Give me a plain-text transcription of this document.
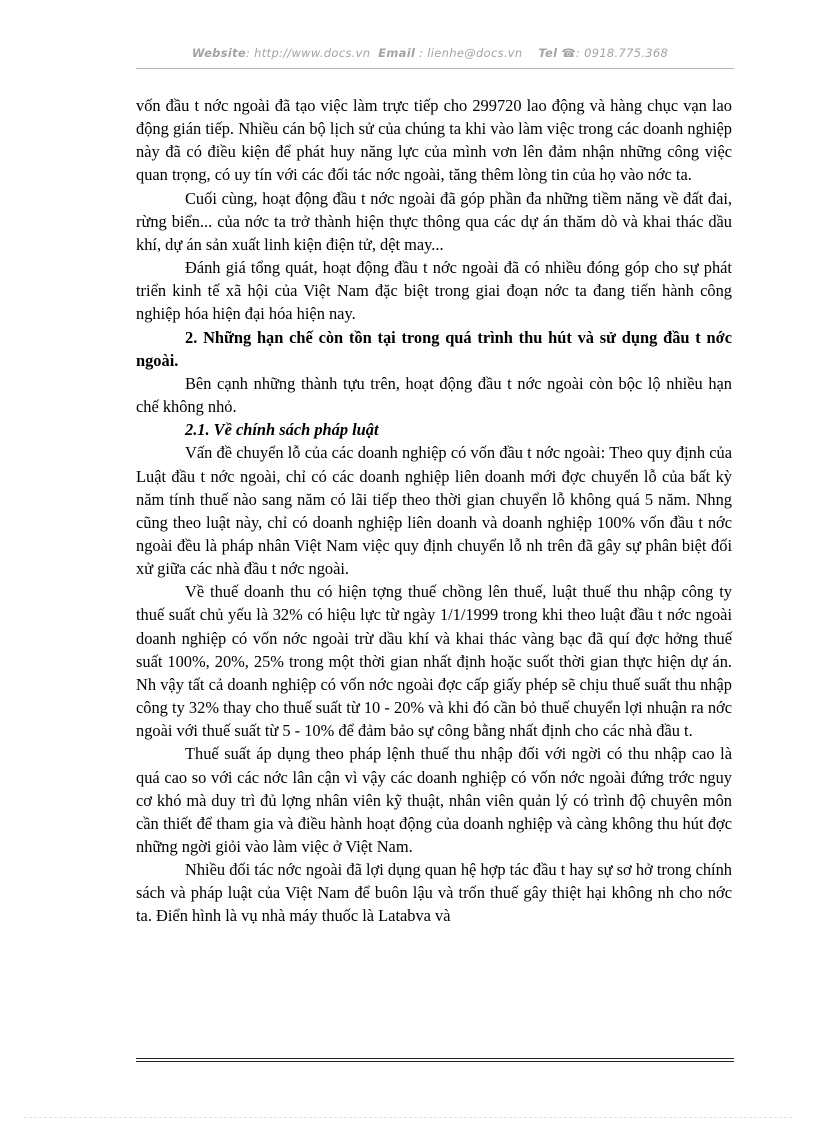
Website: http://www.docs.vn Email : lienhe@docs.vn Tel ☎: 0918.775.368

vốn đầu t nớc ngoài đã tạo việc làm trực tiếp cho 299720 lao động và hàng chục vạn lao động gián tiếp. Nhiều cán bộ lịch sử của chúng ta khi vào làm việc trong các doanh nghiệp này đã có điều kiện để phát huy năng lực của mình vơn lên đảm nhận những công việc quan trọng, có uy tín với các đối tác nớc ngoài, tăng thêm lòng tin của họ vào nớc ta.

Cuối cùng, hoạt động đầu t nớc ngoài đã góp phần đa những tiềm năng về đất đai, rừng biển... của nớc ta trở thành hiện thực thông qua các dự án thăm dò và khai thác dầu khí, dự án sản xuất linh kiện điện tử, dệt may...

Đánh giá tổng quát, hoạt động đầu t nớc ngoài đã có nhiều đóng góp cho sự phát triển kinh tế xã hội của Việt Nam đặc biệt trong giai đoạn nớc ta đang tiến hành công nghiệp hóa hiện đại hóa hiện nay.

2. Những hạn chế còn tồn tại trong quá trình thu hút và sử dụng đầu t nớc ngoài.

Bên cạnh những thành tựu trên, hoạt động đầu t nớc ngoài còn bộc lộ nhiều hạn chế không nhỏ.

2.1. Về chính sách pháp luật

Vấn đề chuyển lỗ của các doanh nghiệp có vốn đầu t nớc ngoài: Theo quy định của Luật đầu t nớc ngoài, chỉ có các doanh nghiệp liên doanh mới đợc chuyển lỗ của bất kỳ năm tính thuế nào sang năm có lãi tiếp theo thời gian chuyển lỗ không quá 5 năm. Nhng cũng theo luật này, chỉ có doanh nghiệp liên doanh và doanh nghiệp 100% vốn đầu t nớc ngoài đều là pháp nhân Việt Nam việc quy định chuyển lỗ nh trên đã gây sự phân biệt đối xử giữa các nhà đầu t nớc ngoài.

Về thuế doanh thu có hiện tợng thuế chồng lên thuế, luật thuế thu nhập công ty thuế suất chủ yếu là 32% có hiệu lực từ ngày 1/1/1999 trong khi theo luật đầu t nớc ngoài doanh nghiệp có vốn nớc ngoài trừ dầu khí và khai thác vàng bạc đã quí đợc hởng thuế suất 100%, 20%, 25% trong một thời gian nhất định hoặc suốt thời gian thực hiện dự án. Nh vậy tất cả doanh nghiệp có vốn nớc ngoài đợc cấp giấy phép sẽ chịu thuế suất thu nhập công ty 32% thay cho thuế suất từ 10 - 20% và khi đó cần bỏ thuế chuyển lợi nhuận ra nớc ngoài với thuế suất từ 5 - 10% để đảm bảo sự công bằng nhất định cho các nhà đầu t.

Thuế suất áp dụng theo pháp lệnh thuế thu nhập đối với ngời có thu nhập cao là quá cao so với các nớc lân cận vì vậy các doanh nghiệp có vốn nớc ngoài đứng trớc nguy cơ khó mà duy trì đủ lợng nhân viên kỹ thuật, nhân viên quản lý có trình độ chuyên môn cần thiết để tham gia và điều hành hoạt động của doanh nghiệp và càng không thu hút đợc những ngời giỏi vào làm việc ở Việt Nam.

Nhiều đối tác nớc ngoài đã lợi dụng quan hệ hợp tác đầu t hay sự sơ hở trong chính sách và pháp luật của Việt Nam để buôn lậu và trốn thuế gây thiệt hại không nh cho nớc ta. Điển hình là vụ nhà máy thuốc là Latabva và
